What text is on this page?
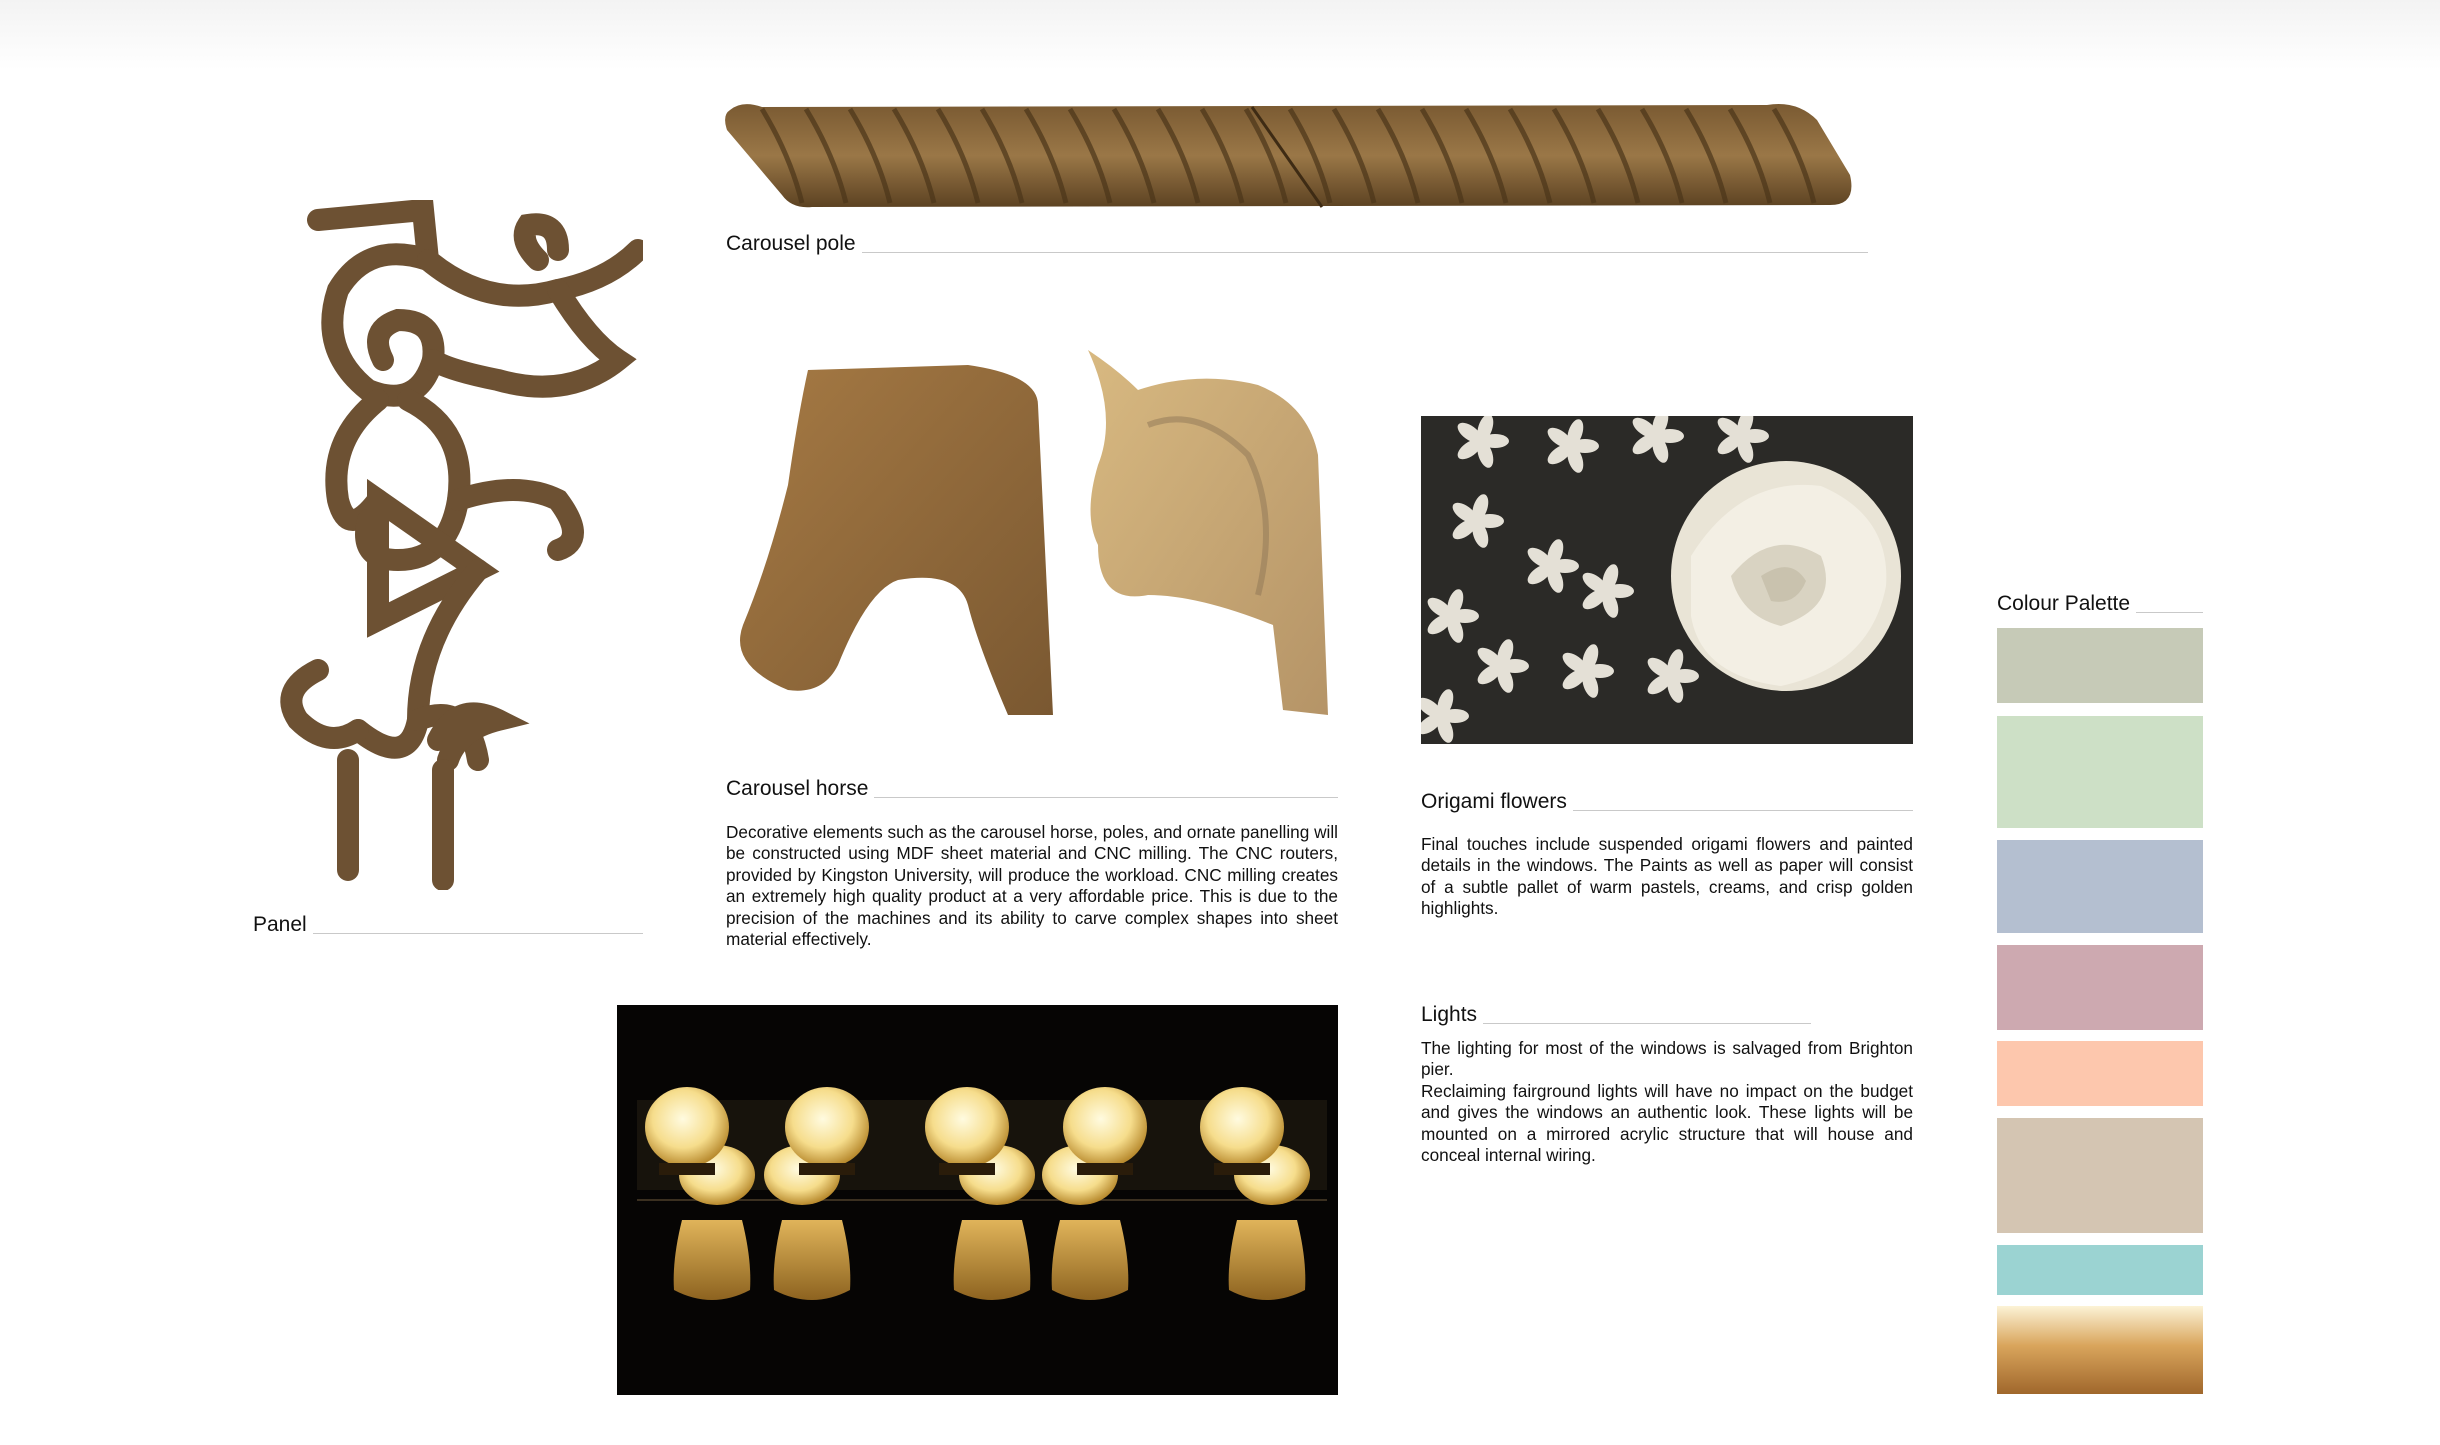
Carousel pole
Panel
Carousel horse
Decorative elements such as the carousel horse, poles, and ornate panelling will be constructed using MDF sheet material and CNC milling. The CNC routers, provided by Kingston University, will produce the workload. CNC milling creates an extremely high quality product at a very affordable price. This is due to the precision of the machines and its ability to carve complex shapes into sheet material effectively.
Origami flowers
Final touches include suspended origami flowers and painted details in the windows. The Paints as well as paper will consist of a subtle pallet of warm pastels, creams, and crisp golden highlights.
Lights

The lighting for most of the windows is salvaged from Brighton pier.

Reclaiming fairground lights will have no impact on the budget and gives the windows an authentic look. These lights will be mounted on a mirrored acrylic structure that will house and conceal internal wiring.

Colour Palette
